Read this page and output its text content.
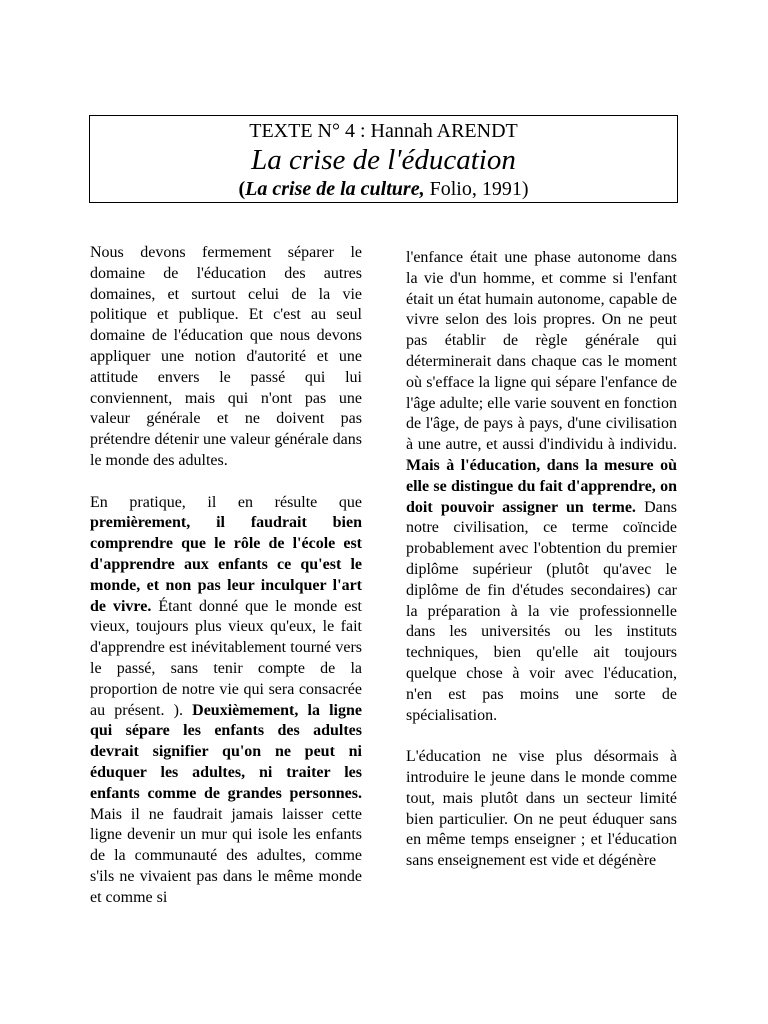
TEXTE N° 4 : Hannah ARENDT
La crise de l'éducation
(La crise de la culture, Folio, 1991)

Nous devons fermement séparer le domaine de l'éducation des autres domaines, et surtout celui de la vie politique et publique. Et c'est au seul domaine de l'éducation que nous devons appliquer une notion d'autorité et une attitude envers le passé qui lui conviennent, mais qui n'ont pas une valeur générale et ne doivent pas prétendre détenir une valeur générale dans le monde des adultes.

En pratique, il en résulte que premièrement, il faudrait bien comprendre que le rôle de l'école est d'apprendre aux enfants ce qu'est le monde, et non pas leur inculquer l'art de vivre. Étant donné que le monde est vieux, toujours plus vieux qu'eux, le fait d'apprendre est inévitablement tourné vers le passé, sans tenir compte de la proportion de notre vie qui sera consacrée au présent. ). Deuxièmement, la ligne qui sépare les enfants des adultes devrait signifier qu'on ne peut ni éduquer les adultes, ni traiter les enfants comme de grandes personnes. Mais il ne faudrait jamais laisser cette ligne devenir un mur qui isole les enfants de la communauté des adultes, comme s'ils ne vivaient pas dans le même monde et comme si

l'enfance était une phase autonome dans la vie d'un homme, et comme si l'enfant était un état humain autonome, capable de vivre selon des lois propres. On ne peut pas établir de règle générale qui déterminerait dans chaque cas le moment où s'efface la ligne qui sépare l'enfance de l'âge adulte; elle varie souvent en fonction de l'âge, de pays à pays, d'une civilisation à une autre, et aussi d'individu à individu. Mais à l'éducation, dans la mesure où elle se distingue du fait d'apprendre, on doit pouvoir assigner un terme. Dans notre civilisation, ce terme coïncide probablement avec l'obtention du premier diplôme supérieur (plutôt qu'avec le diplôme de fin d'études secondaires) car la préparation à la vie professionnelle dans les universités ou les instituts techniques, bien qu'elle ait toujours quelque chose à voir avec l'éducation, n'en est pas moins une sorte de spécialisation.

L'éducation ne vise plus désormais à introduire le jeune dans le monde comme tout, mais plutôt dans un secteur limité bien particulier. On ne peut éduquer sans en même temps enseigner ; et l'éducation sans enseignement est vide et dégénère
